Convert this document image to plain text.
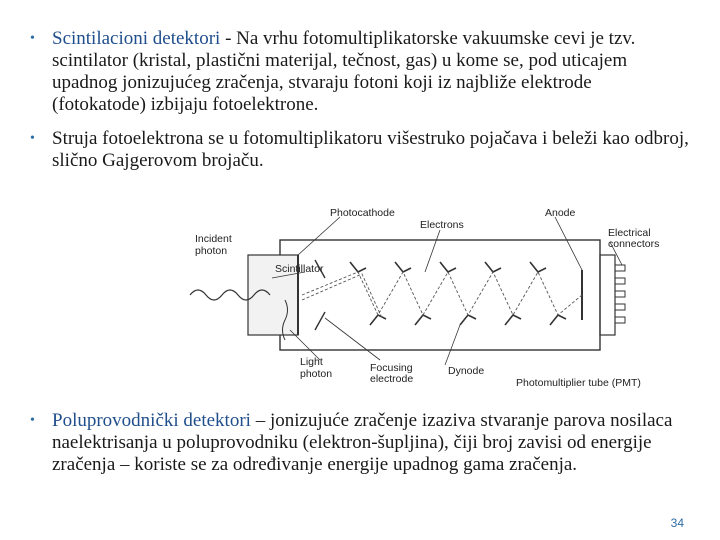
• Scintilacioni detektori - Na vrhu fotomultiplikatorske vakuumske cevi je tzv. scintilator (kristal, plastični materijal, tečnost, gas) u kome se, pod uticajem upadnog jonizujućeg zračenja, stvaraju fotoni koji iz najbliže elektrode (fotokatode) izbijaju fotoelektrone.
• Struja fotoelektrona se u fotomultiplikatoru višestruko pojačava i beleži kao odbroj, slično Gajgerovom brojaču.
Photocathode	Anode
Electrons
Electrical
connectors
Incident
photon
Scintillator
Light
photon	Focusing
electrode
Dynode
Photomultiplier tube (PMT)
• Poluprovodnički detektori – jonizujuće zračenje izaziva stvaranje parova nosilaca naelektrisanja u poluprovodniku (elektron-šupljina), čiji broj zavisi od energije zračenja – koriste se za određivanje energije upadnog gama zračenja.
34
